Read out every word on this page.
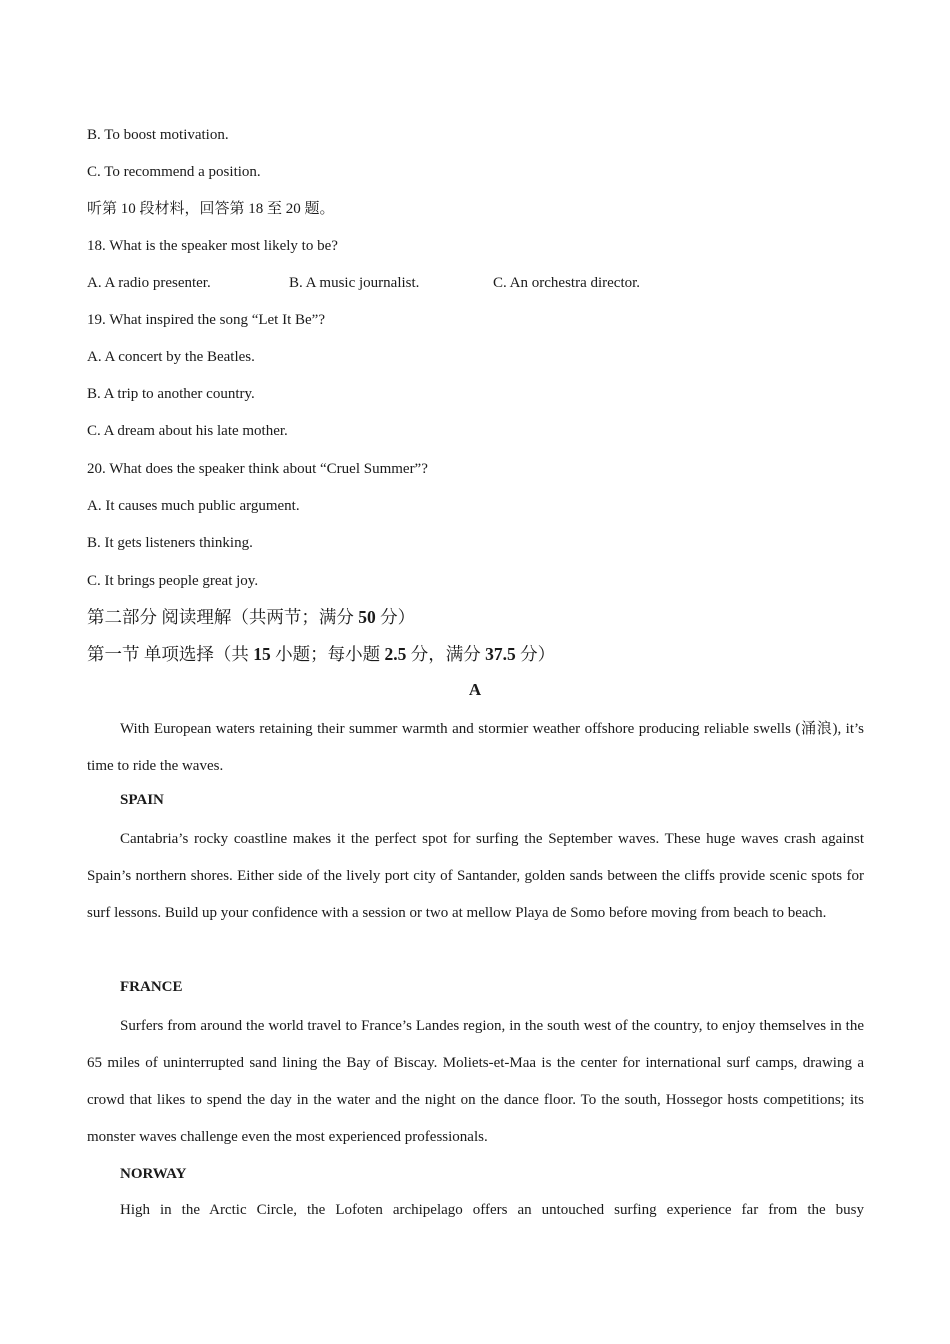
B. To boost motivation.
C. To recommend a position.
听第 10 段材料，回答第 18 至 20 题。
18. What is the speaker most likely to be?
A. A radio presenter.	B. A music journalist.	C. An orchestra director.
19. What inspired the song “Let It Be”?
A. A concert by the Beatles.
B. A trip to another country.
C. A dream about his late mother.
20. What does the speaker think about “Cruel Summer”?
A. It causes much public argument.
B. It gets listeners thinking.
C. It brings people great joy.
第二部分 阅读理解（共两节；满分 50 分）
第一节 单项选择（共 15 小题；每小题 2.5 分，满分 37.5 分）
A

With European waters retaining their summer warmth and stormier weather offshore producing reliable swells (涌浪), it’s time to ride the waves.

SPAIN

Cantabria’s rocky coastline makes it the perfect spot for surfing the September waves. These huge waves crash against Spain’s northern shores. Either side of the lively port city of Santander, golden sands between the cliffs provide scenic spots for surf lessons. Build up your confidence with a session or two at mellow Playa de Somo before moving from beach to beach.

FRANCE

Surfers from around the world travel to France’s Landes region, in the south west of the country, to enjoy themselves in the 65 miles of uninterrupted sand lining the Bay of Biscay. Moliets-et-Maa is the center for international surf camps, drawing a crowd that likes to spend the day in the water and the night on the dance floor. To the south, Hossegor hosts competitions; its monster waves challenge even the most experienced professionals.

NORWAY

High in the Arctic Circle, the Lofoten archipelago offers an untouched surfing experience far from the busy
